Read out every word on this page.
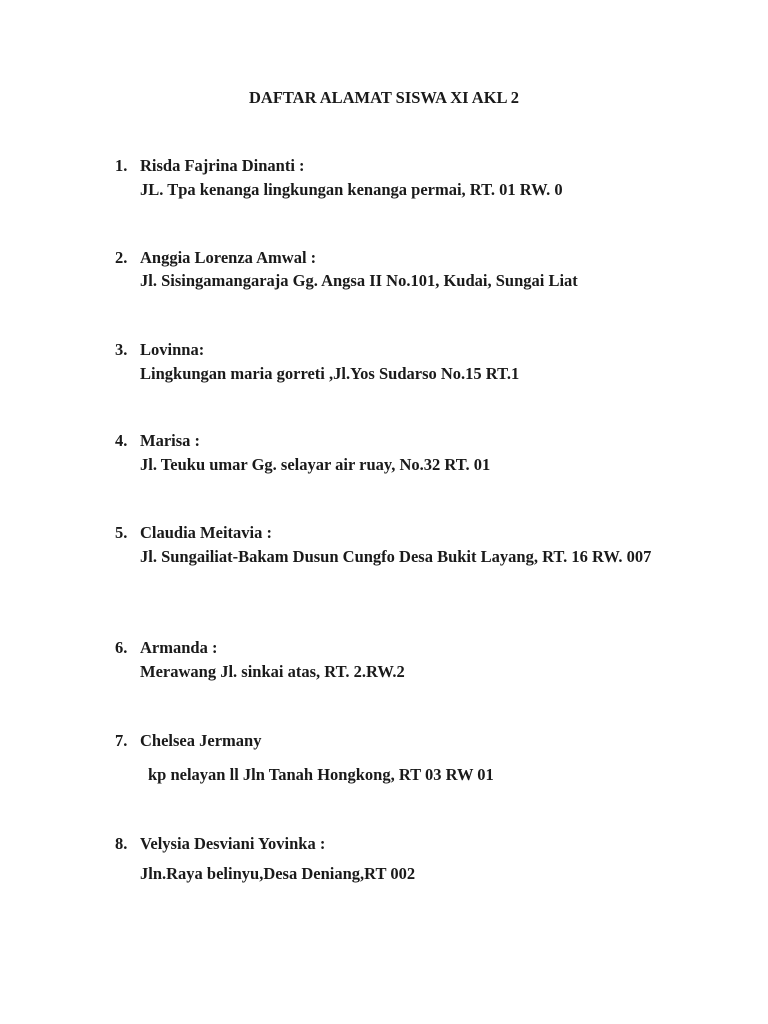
DAFTAR ALAMAT SISWA XI AKL 2
1. Risda Fajrina Dinanti :
JL. Tpa kenanga lingkungan kenanga permai, RT. 01 RW. 0
2. Anggia Lorenza Amwal :
Jl. Sisingamangaraja Gg. Angsa II No.101, Kudai, Sungai Liat
3. Lovinna:
Lingkungan maria gorreti ,Jl.Yos Sudarso No.15 RT.1
4. Marisa :
Jl. Teuku umar Gg. selayar air ruay, No.32 RT. 01
5. Claudia Meitavia :
Jl. Sungailiat-Bakam Dusun Cungfo Desa Bukit Layang, RT. 16 RW. 007
6. Armanda :
Merawang Jl. sinkai atas, RT. 2.RW.2
7. Chelsea Jermany
kp nelayan ll Jln Tanah Hongkong, RT 03 RW 01
8. Velysia Desviani Yovinka :
Jln.Raya belinyu,Desa Deniang,RT 002
